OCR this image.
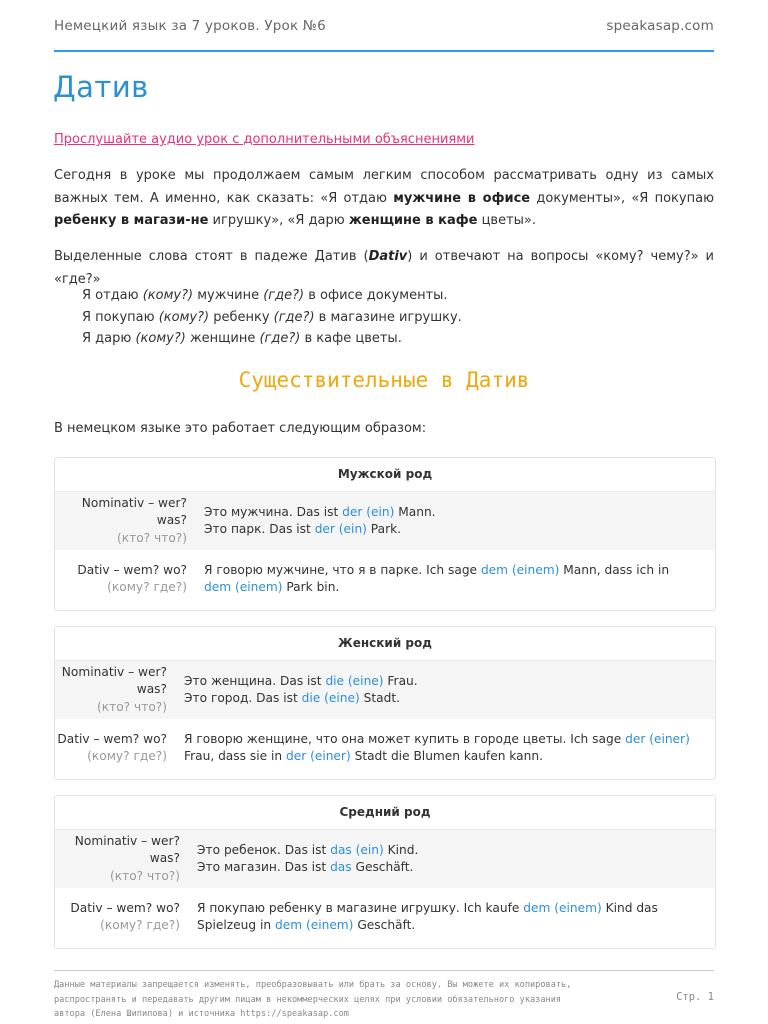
Немецкий язык за 7 уроков. Урок №6	speakasap.com
Датив
Прослушайте аудио урок с дополнительными объяснениями

Сегодня в уроке мы продолжаем самым легким способом рассматривать одну из самых важных тем. А именно, как сказать: «Я отдаю мужчине в офисе документы», «Я покупаю ребенку в магази-не игрушку», «Я дарю женщине в кафе цветы».

Выделенные слова стоят в падеже Датив (Dativ) и отвечают на вопросы «кому? чему?» и «где?»

Я отдаю (кому?) мужчине (где?) в офисе документы.
Я покупаю (кому?) ребенку (где?) в магазине игрушку.
Я дарю (кому?) женщине (где?) в кафе цветы.
Существительные в Датив
В немецком языке это работает следующим образом:
Мужской род
Nominativ – wer? was?
(кто? что?)
Это мужчина. Das ist der (ein) Mann.
Это парк. Das ist der (ein) Park.
Dativ – wem? wo?
(кому? где?)
Я говорю мужчине, что я в парке. Ich sage dem (einem) Mann, dass ich in dem (einem) Park bin.
Женский род
Nominativ – wer? was?
(кто? что?)
Это женщина. Das ist die (eine) Frau.
Это город. Das ist die (eine) Stadt.
Dativ – wem? wo?
(кому? где?)
Я говорю женщине, что она может купить в городе цветы. Ich sage der (einer) Frau, dass sie in der (einer) Stadt die Blumen kaufen kann.
Средний род
Nominativ – wer? was?
(кто? что?)
Это ребенок. Das ist das (ein) Kind.
Это магазин. Das ist das Geschäft.
Dativ – wem? wo?
(кому? где?)
Я покупаю ребенку в магазине игрушку. Ich kaufe dem (einem) Kind das Spielzeug in dem (einem) Geschäft.
Данные материалы запрещается изменять, преобразовывать или брать за основу. Вы можете их копировать, распространять и передавать другим лицам в некоммерческих целях при условии обязательного указания автора (Елена Шипилова) и источника https://speakasap.com
Стр. 1
